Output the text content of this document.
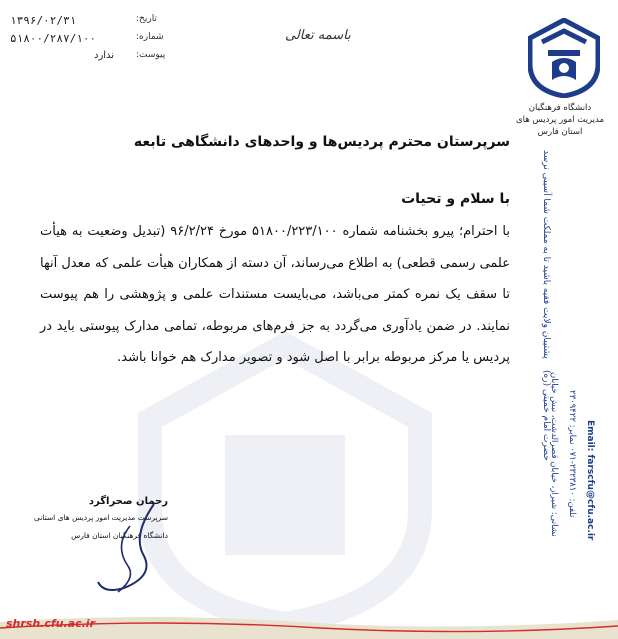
دانشگاه فرهنگیان
مدیریت امور پردیس های
استان فارس
پشتیبان ولایت فقیه باشید تا به مملکت شما آسیبی نرسد حضرت امام خمینی (ره)
نشانی: شیراز، خیابان قصرالدشت، نبش خیابان تلفن: ۲۳۲۳۸۱۰-۰۷۱ نمابر: ۲۳۰۹۴۲۲ Email: farscfu@cfu.ac.ir
تاریخ:
۱۳۹۶/۰۲/۳۱
شماره:
۵۱۸۰۰/۲۸۷/۱۰۰
پیوست:
ندارد
باسمه تعالی

سرپرستان محترم پردیس‌ها و واحدهای دانشگاهی تابعه

با سلام و تحیات
با احترام؛ پیرو بخشنامه شماره ۵۱۸۰۰/۲۲۳/۱۰۰ مورخ ۹۶/۲/۲۴ (تبدیل وضعیت به هیأت علمی رسمی قطعی) به اطلاع می‌رساند، آن دسته از همکاران هیأت علمی که معدل آنها تا سقف یک نمره کمتر می‌باشد، می‌بایست مستندات علمی و پژوهشی را هم پیوست نمایند. در ضمن یادآوری می‌گردد به جز فرم‌های مربوطه، تمامی مدارک پیوستی باید در پردیس یا مرکز مربوطه برابر با اصل شود و تصویر مدارک هم خوانا باشد.
رحمان صحراگرد
سرپرست مدیریت امور پردیس های استانی
دانشگاه فرهنگیان استان فارس
shrsh.cfu.ac.ir
